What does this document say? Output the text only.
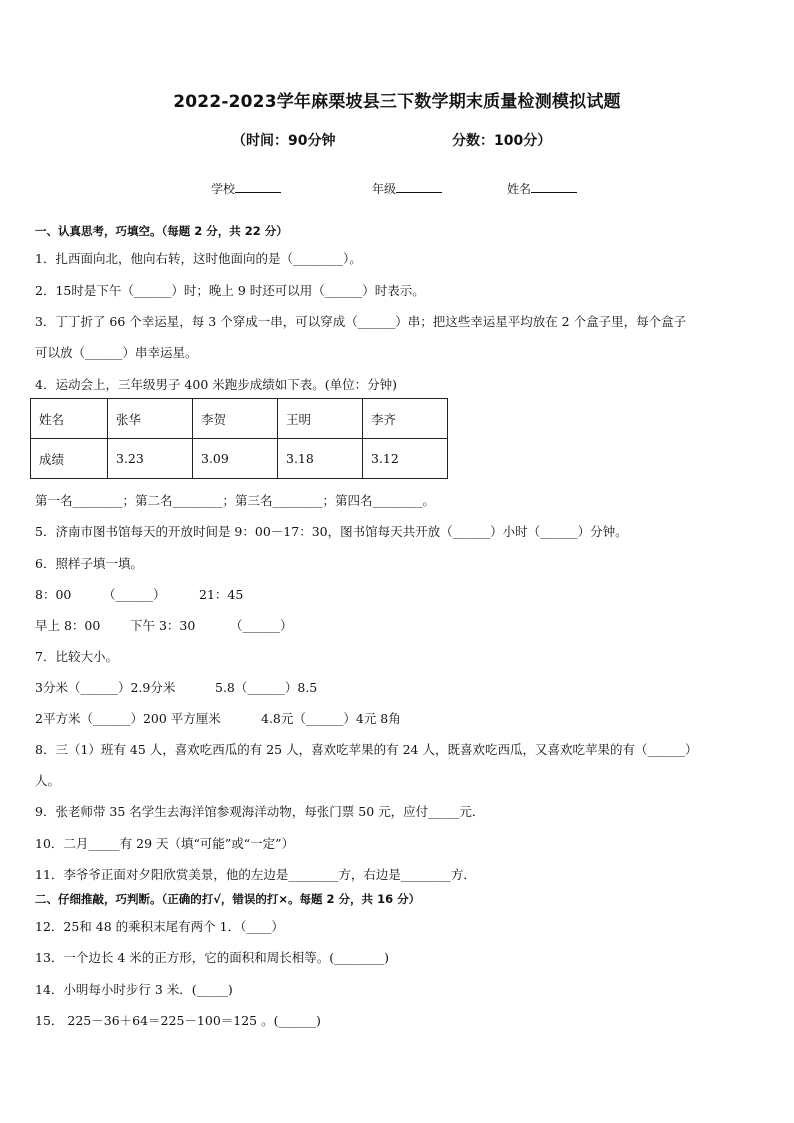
2022-2023学年麻栗坡县三下数学期末质量检测模拟试题
（时间：90分钟	分数：100分）
学校	年级	姓名
一、认真思考，巧填空。（每题 2 分，共 22 分）
1．扎西面向北，他向右转，这时他面向的是（________）。
2．15时是下午（______）时；晚上 9 时还可以用（______）时表示。
3．丁丁折了 66 个幸运星，每 3 个穿成一串，可以穿成（______）串；把这些幸运星平均放在 2 个盒子里，每个盒子
可以放（______）串幸运星。
4．运动会上，三年级男子 400 米跑步成绩如下表。(单位：分钟)
姓名	张华	李贺	王明	李齐
成绩	3.23	3.09	3.18	3.12
第一名________；第二名________；第三名________；第四名________。
5．济南市图书馆每天的开放时间是 9：00－17：30，图书馆每天共开放（______）小时（______）分钟。
6．照样子填一填。
8：00	（______）	21：45
早上 8：00 下午 3：30	（______）
7．比较大小。
3分米（______）2.9分米	5.8（______）8.5
2平方米（______）200 平方厘米	4.8元（______）4元 8角
8．三（1）班有 45 人，喜欢吃西瓜的有 25 人，喜欢吃苹果的有 24 人，既喜欢吃西瓜，又喜欢吃苹果的有（______）
人。
9．张老师带 35 名学生去海洋馆参观海洋动物，每张门票 50 元，应付_____元．
10．二月_____有 29 天（填“可能”或“一定”）
11．李爷爷正面对夕阳欣赏美景，他的左边是________方，右边是________方．
二、仔细推敲，巧判断。（正确的打√，错误的打×。每题 2 分，共 16 分）
12．25和 48 的乘积末尾有两个 1．（____）
13．一个边长 4 米的正方形，它的面积和周长相等。(________)
14．小明每小时步行 3 米．(_____)
15． 225－36＋64＝225－100＝125 。(______)
